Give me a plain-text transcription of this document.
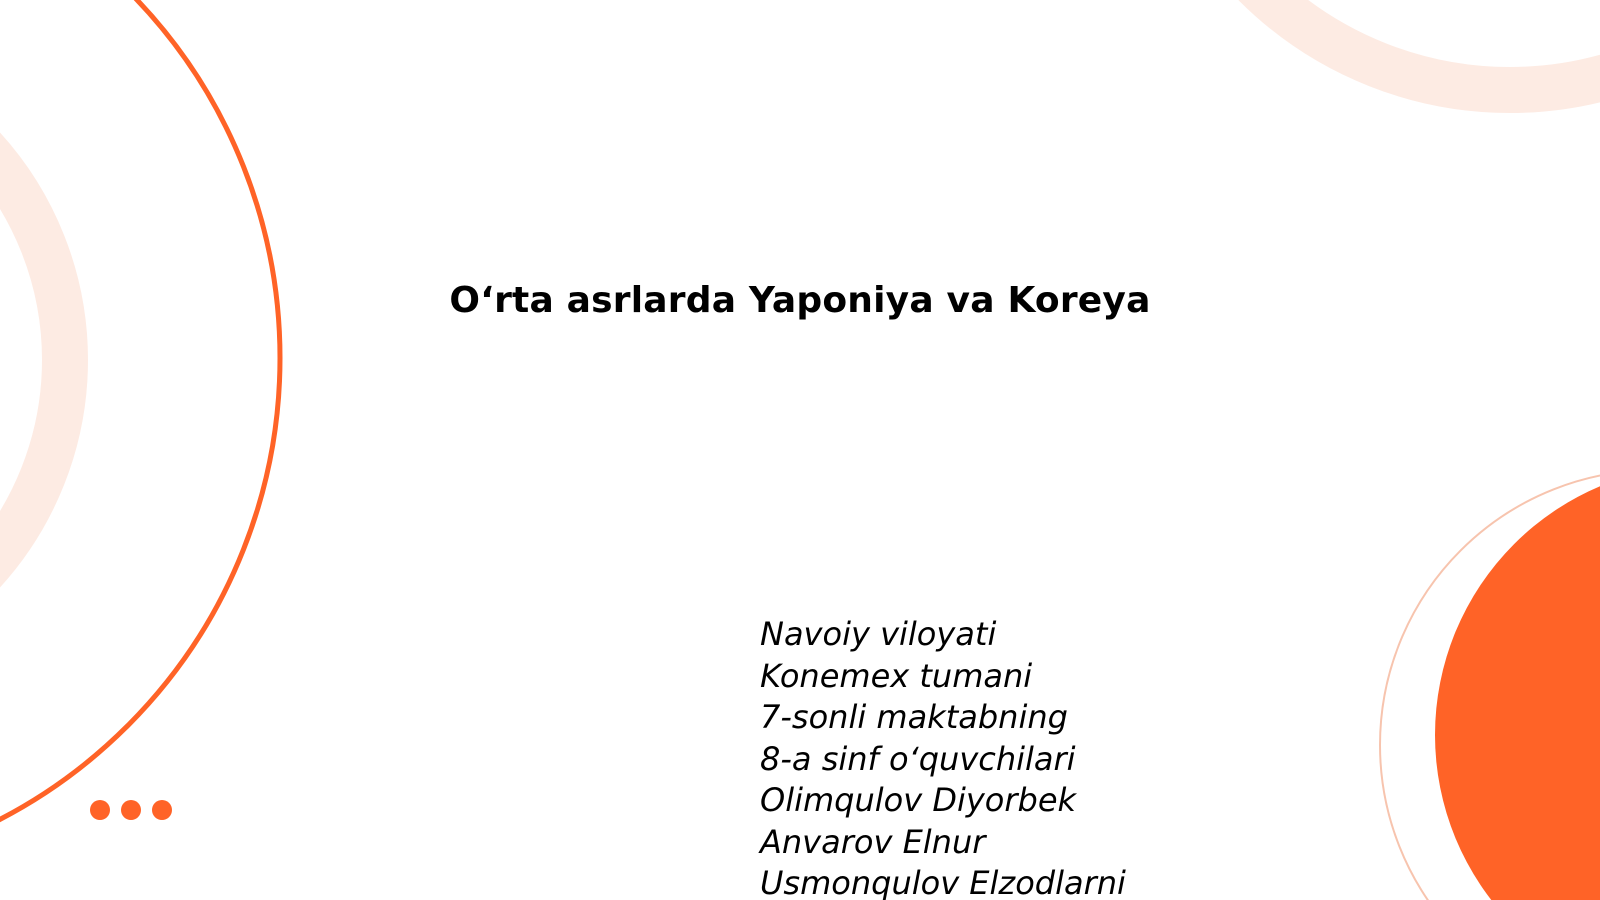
O‘rta asrlarda Yaponiya va Koreya
Navoiy viloyati
Konemex tumani
7-sonli maktabning
8-a sinf o‘quvchilari
Olimqulov Diyorbek
Anvarov Elnur
Usmonqulov Elzodlarni
